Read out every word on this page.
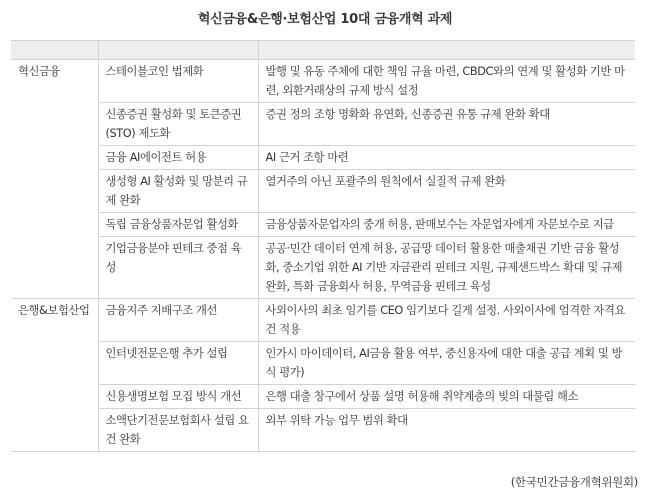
혁신금융&은행·보험산업 10대 금융개혁 과제

혁신금융	스테이블코인 법제화	발행 및 유동 주체에 대한 책임 규율 마련, CBDC와의 연계 및 활성화 기반 마련, 외환거래상의 규제 방식 설정
	신종증권 활성화 및 토큰증권(STO) 제도화	증권 정의 조항 명확화 유연화, 신종증권 유통 규제 완화 확대
	금융 AI에이전트 허용	AI 근거 조항 마련
	생성형 AI 활성화 및 망분리 규제 완화	열거주의 아닌 포괄주의 원칙에서 실질적 규제 완화
	독립 금융상품자문업 활성화	금융상품자문업자의 중개 허용, 판매보수는 자문업자에게 자문보수로 지급
	기업금융분야 핀테크 중점 육성	공공·민간 데이터 연계 허용, 공급망 데이터 활용한 매출채권 기반 금융 활성화, 중소기업 위한 AI 기반 자금관리 핀테크 지원, 규제샌드박스 확대 및 규제 완화, 특화 금융회사 허용, 무역금융 핀테크 육성
은행&보험산업	금융지주 지배구조 개선	사외이사의 최초 임기를 CEO 임기보다 길게 설정. 사외이사에 엄격한 자격요건 적용
	인터넷전문은행 추가 설립	인가시 마이데이터, AI금융 활용 여부, 중신용자에 대한 대출 공급 계획 및 방식 평가)
	신용생명보험 모집 방식 개선	은행 대출 창구에서 상품 설명 허용해 취약계층의 빚의 대물림 해소
	소액단기전문보험회사 설립 요건 완화	외부 위탁 가능 업무 범위 확대
(한국민간금융개혁위원회)
